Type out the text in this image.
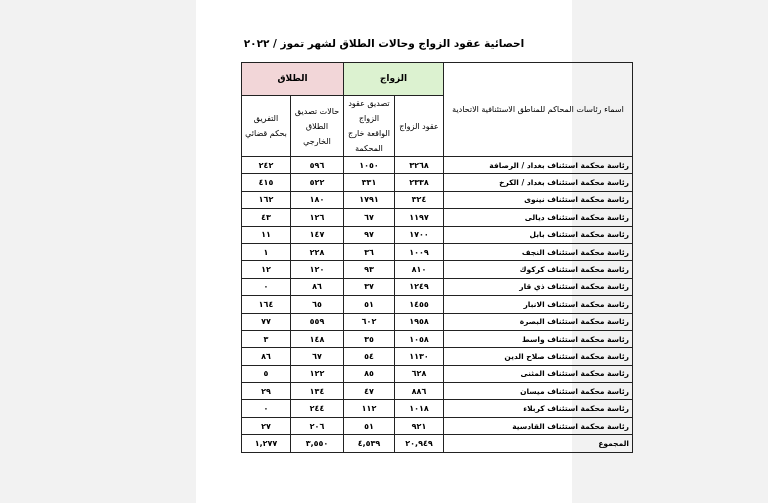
احصائية عقود الزواج وحالات الطلاق لشهر تموز / ٢٠٢٢
اسماء رئاسات المحاكم للمناطق الاستئنافية الاتحادية	الزواج		الطلاق	
	عقود الزواج	تصديق عقود الزواج الواقعة خارج المحكمة	حالات تصديق الطلاق الخارجي	التفريق بحكم قضائي
رئاسة محكمة استئناف بغداد / الرصافة	٣٢٦٨	١٠٥٠	٥٩٦	٢٤٢
رئاسة محكمة استئناف بغداد / الكرخ	٢٣٣٨	٣٣١	٥٢٢	٤١٥
رئاسة محكمة استئناف نينوى	٣٢٤	١٧٩١	١٨٠	١٦٢
رئاسة محكمة استئناف ديالى	١١٩٧	٦٧	١٢٦	٤٣
رئاسة محكمة استئناف بابل	١٧٠٠	٩٧	١٤٧	١١
رئاسة محكمة استئناف النجف	١٠٠٩	٣٦	٢٢٨	١
رئاسة محكمة استئناف كركوك	٨١٠	٩٣	١٢٠	١٢
رئاسة محكمة استئناف ذي قار	١٢٤٩	٣٧	٨٦	٠
رئاسة محكمة استئناف الانبار	١٤٥٥	٥١	٦٥	١٦٤
رئاسة محكمة استئناف البصرة	١٩٥٨	٦٠٢	٥٥٩	٧٧
رئاسة محكمة استئناف واسط	١٠٥٨	٣٥	١٤٨	٣
رئاسة محكمة استئناف صلاح الدين	١١٣٠	٥٤	٦٧	٨٦
رئاسة محكمة استئناف المثنى	٦٢٨	٨٥	١٢٢	٥
رئاسة محكمة استئناف ميسان	٨٨٦	٤٧	١٣٤	٢٩
رئاسة محكمة استئناف كربلاء	١٠١٨	١١٢	٢٤٤	٠
رئاسة محكمة استئناف القادسية	٩٢١	٥١	٢٠٦	٢٧
المجموع	٢٠,٩٤٩	٤,٥٣٩	٣,٥٥٠	١,٢٧٧
